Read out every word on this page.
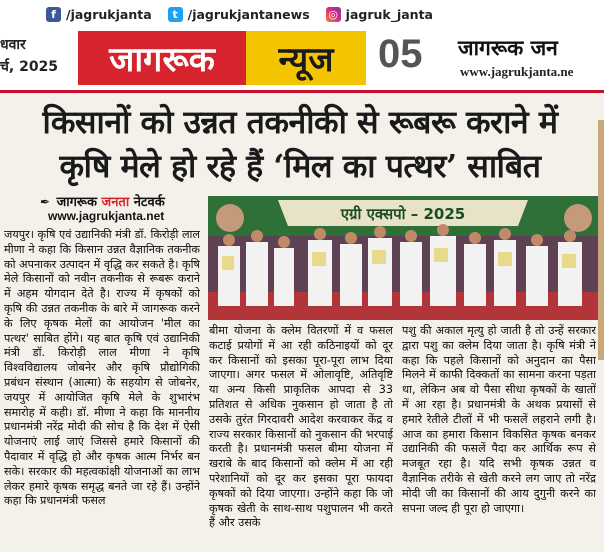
f /jagrukjanta	t /jagrukjantanews ◎ jagruk_janta
धवार
र्च, 2025	जागरूक	न्यूज	05 जागरूक जन
www.jagrukjanta.ne
किसानों को उन्नत तकनीकी से रूबरू कराने में
कृषि मेले हो रहे हैं ‘मिल का पत्थर’ साबित
✒ जागरूक जनता नेटवर्क
www.jagrukjanta.net	एग्री एक्सपो – 2025
जयपुर। कृषि एवं उद्यानिकी मंत्री डॉ. किरोड़ी लाल मीणा ने कहा कि किसान उन्नत वैज्ञानिक तकनीक को अपनाकर उत्पादन में वृद्धि कर सकते है। कृषि मेले किसानों को नवीन तकनीक से रूबरू कराने में अहम योगदान देते है। राज्य में कृषकों को कृषि की उन्नत तकनीक के बारे में जागरूक करने के लिए कृषक मेलों का आयोजन 'मील का पत्थर' साबित होंगे। यह बात कृषि एवं उद्यानिकी मंत्री डॉ. किरोड़ी लाल मीणा ने कृषि विश्वविद्यालय जोबनेर और कृषि प्रौद्योगिकी प्रबंधन संस्थान (आत्मा) के सहयोग से जोबनेर, जयपुर में आयोजित कृषि मेले के शुभारंभ समारोह में कही। डॉ. मीणा ने कहा कि माननीय प्रधानमंत्री नरेंद्र मोदी की सोच है कि देश में ऐसी योजनाएं लाई जाएं जिससे हमारे किसानों की पैदावार में वृद्धि हो और कृषक आत्म निर्भर बन सके। सरकार की महत्वकांक्षी योजनाओं का लाभ लेकर हमारे कृषक समृद्ध बनते जा रहे हैं। उन्होंने कहा कि प्रधानमंत्री फसल
बीमा योजना के क्लेम वितरणों में व फसल कटाई प्रयोगों में आ रही कठिनाइयों को दूर कर किसानों को इसका पूरा-पूरा लाभ दिया जाएगा। अगर फसल में ओलावृष्टि, अतिवृष्टि या अन्य किसी प्राकृतिक आपदा से 33 प्रतिशत से अधिक नुकसान हो जाता है तो उसके तुरंत गिरदावरी आदेश करवाकर केंद्र व राज्य सरकार किसानों को नुकसान की भरपाई करती है। प्रधानमंत्री फसल बीमा योजना में खराबे के बाद किसानों को क्लेम में आ रही परेशानियों को दूर कर इसका पूरा फायदा कृषकों को दिया जाएगा। उन्होंने कहा कि जो कृषक खेती के साथ-साथ पशुपालन भी करते हैं और उसके
पशु की अकाल मृत्यु हो जाती है तो उन्हें सरकार द्वारा पशु का क्लेम दिया जाता है। कृषि मंत्री ने कहा कि पहले किसानों को अनुदान का पैसा मिलने में काफी दिक्कतों का सामना करना पड़ता था, लेकिन अब वो पैसा सीधा कृषकों के खातों में आ रहा है। प्रधानमंत्री के अथक प्रयासों से हमारे रेतीले टीलों में भी फसलें लहराने लगी है। आज का हमारा किसान विकसित कृषक बनकर उद्यानिकी की फसलें पैदा कर आर्थिक रूप से मजबूत रहा है। यदि सभी कृषक उन्नत व वैज्ञानिक तरीके से खेती करने लग जाए तो नरेंद्र मोदी जी का किसानों की आय दुगुनी करने का सपना जल्द ही पूरा हो जाएगा।
